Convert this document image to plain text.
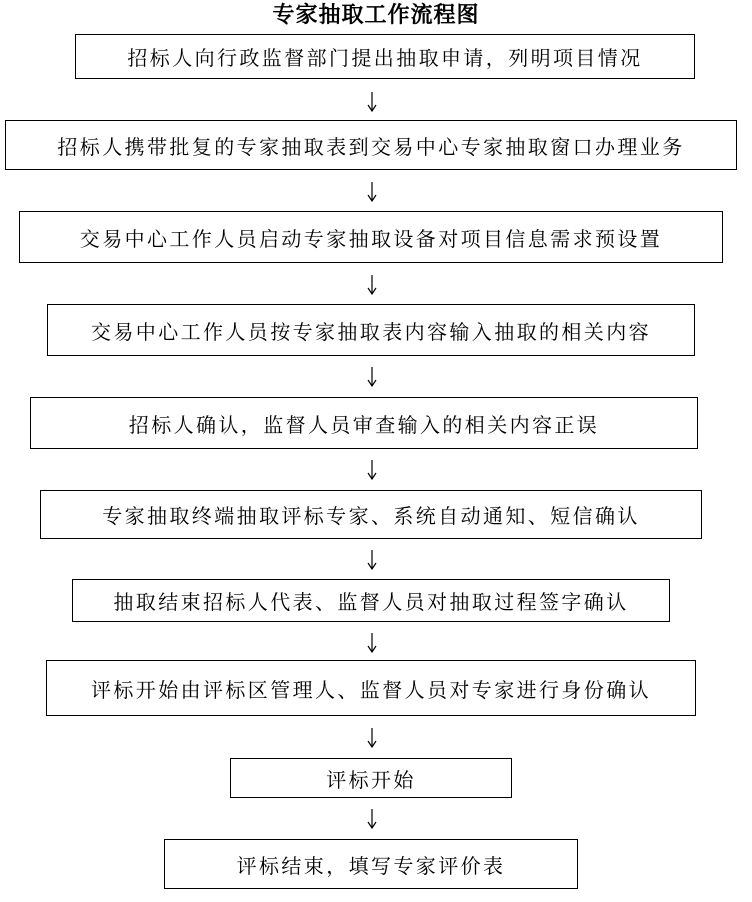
专家抽取工作流程图
招标人向行政监督部门提出抽取申请，列明项目情况
招标人携带批复的专家抽取表到交易中心专家抽取窗口办理业务
交易中心工作人员启动专家抽取设备对项目信息需求预设置
交易中心工作人员按专家抽取表内容输入抽取的相关内容
招标人确认，监督人员审查输入的相关内容正误
专家抽取终端抽取评标专家、系统自动通知、短信确认
抽取结束招标人代表、监督人员对抽取过程签字确认
评标开始由评标区管理人、监督人员对专家进行身份确认
评标开始
评标结束，填写专家评价表
